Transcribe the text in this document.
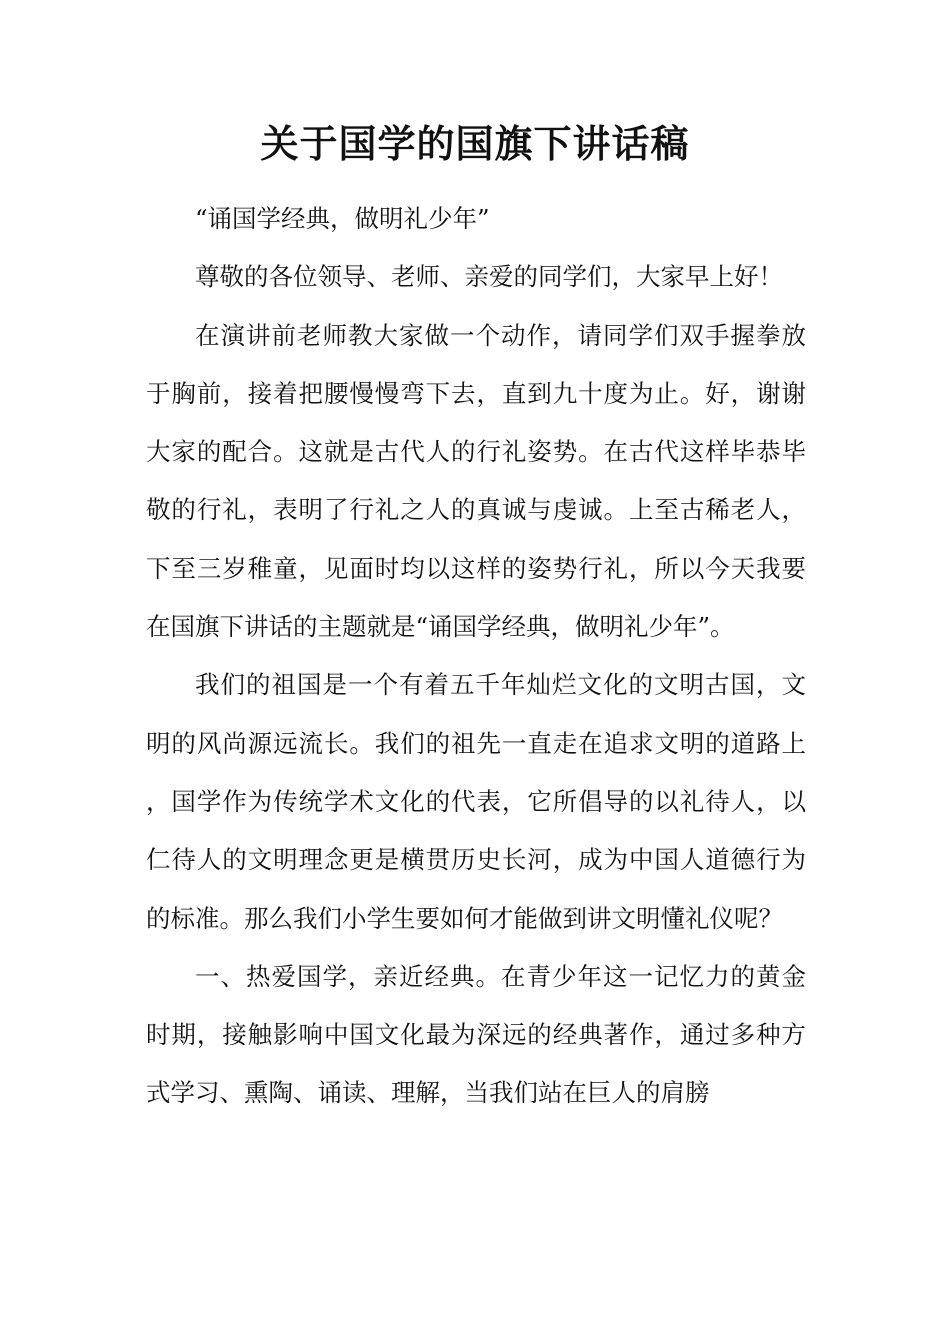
关于国学的国旗下讲话稿

“诵国学经典，做明礼少年”

尊敬的各位领导、老师、亲爱的同学们，大家早上好！

在演讲前老师教大家做一个动作，请同学们双手握拳放于胸前，接着把腰慢慢弯下去，直到九十度为止。好，谢谢大家的配合。这就是古代人的行礼姿势。在古代这样毕恭毕敬的行礼，表明了行礼之人的真诚与虔诚。上至古稀老人，下至三岁稚童，见面时均以这样的姿势行礼，所以今天我要在国旗下讲话的主题就是“诵国学经典，做明礼少年”。

我们的祖国是一个有着五千年灿烂文化的文明古国，文明的风尚源远流长。我们的祖先一直走在追求文明的道路上，国学作为传统学术文化的代表，它所倡导的以礼待人，以仁待人的文明理念更是横贯历史长河，成为中国人道德行为的标准。那么我们小学生要如何才能做到讲文明懂礼仪呢？

一、热爱国学，亲近经典。在青少年这一记忆力的黄金时期，接触影响中国文化最为深远的经典著作，通过多种方式学习、熏陶、诵读、理解，当我们站在巨人的肩膀
